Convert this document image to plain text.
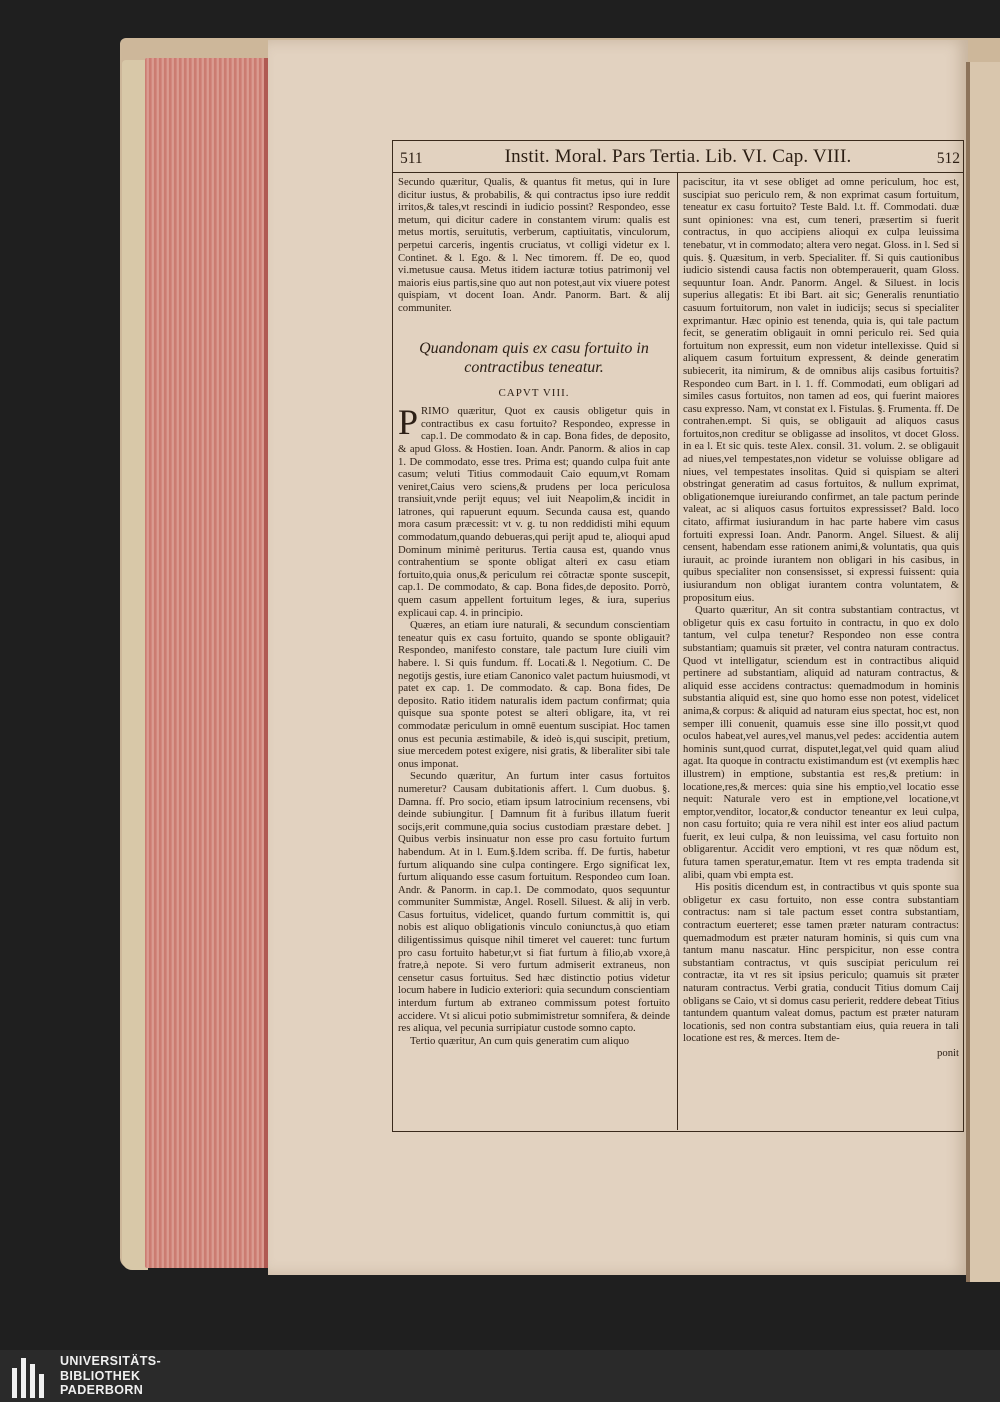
511	Instit. Moral. Pars Tertia. Lib. VI. Cap. VIII.	512

Secundo quæritur, Qualis, & quantus fit metus, qui in Iure dicitur iustus, & probabilis, & qui contractus ipso iure reddit irritos,& tales,vt rescindi in iudicio possint? Respondeo, esse metum, qui dicitur cadere in constantem virum: qualis est metus mortis, seruitutis, verberum, captiuitatis, vinculorum, perpetui carceris, ingentis cruciatus, vt colligi videtur ex l. Continet. & l. Ego. & l. Nec timorem. ff. De eo, quod vi.metusue causa. Metus itidem iacturæ totius patrimonij vel maioris eius partis,sine quo aut non potest,aut vix viuere potest quispiam, vt docent Ioan. Andr. Panorm. Bart. & alij communiter.

Quandonam quis ex casu fortuito in contractibus teneatur.
CAPVT VIII.

PRIMO quæritur, Quot ex causis obligetur quis in contractibus ex casu fortuito? Respondeo, expresse in cap.1. De commodato & in cap. Bona fides, de deposito, & apud Gloss. & Hostien. Ioan. Andr. Panorm. & alios in cap 1. De commodato, esse tres. Prima est; quando culpa fuit ante casum; veluti Titius commodauit Caio equum,vt Romam veniret,Caius vero sciens,& prudens per loca periculosa transiuit,vnde perijt equus; vel iuit Neapolim,& incidit in latrones, qui rapuerunt equum. Secunda causa est, quando mora casum præcessit: vt v. g. tu non reddidisti mihi equum commodatum,quando debueras,qui perijt apud te, alioqui apud Dominum minimè periturus. Tertia causa est, quando vnus contrahentium se sponte obligat alteri ex casu etiam fortuito,quia onus,& periculum rei cõtractæ sponte suscepit, cap.1. De commodato, & cap. Bona fides,de deposito. Porrò, quem casum appellent fortuitum leges, & iura, superius explicaui cap. 4. in principio.

Quæres, an etiam iure naturali, & secundum conscientiam teneatur quis ex casu fortuito, quando se sponte obligauit? Respondeo, manifesto constare, tale pactum Iure ciuili vim habere. l. Si quis fundum. ff. Locati.& l. Negotium. C. De negotijs gestis, iure etiam Canonico valet pactum huiusmodi, vt patet ex cap. 1. De commodato. & cap. Bona fides, De deposito. Ratio itidem naturalis idem pactum confirmat; quia quisque sua sponte potest se alteri obligare, ita, vt rei commodatæ periculum in omnē euentum suscipiat. Hoc tamen onus est pecunia æstimabile, & ideò is,qui suscipit, pretium, siue mercedem potest exigere, nisi gratis, & liberaliter sibi tale onus imponat.

Secundo quæritur, An furtum inter casus fortuitos numeretur? Causam dubitationis affert. l. Cum duobus. §. Damna. ff. Pro socio, etiam ipsum latrocinium recensens, vbi deinde subiungitur. [ Damnum fit à furibus illatum fuerit socijs,erit commune,quia socius custodiam præstare debet. ] Quibus verbis insinuatur non esse pro casu fortuito furtum habendum. At in l. Eum.§.Idem scriba. ff. De furtis, habetur furtum aliquando sine culpa contingere. Ergo significat lex, furtum aliquando esse casum fortuitum. Respondeo cum Ioan. Andr. & Panorm. in cap.1. De commodato, quos sequuntur communiter Summistæ, Angel. Rosell. Siluest. & alij in verb. Casus fortuitus, videlicet, quando furtum committit is, qui nobis est aliquo obligationis vinculo coniunctus,à quo etiam diligentissimus quisque nihil timeret vel caueret: tunc furtum pro casu fortuito habetur,vt si fiat furtum à filio,ab vxore,à fratre,à nepote. Si vero furtum admiserit extraneus, non censetur casus fortuitus. Sed hæc distinctio potius videtur locum habere in Iudicio exteriori: quia secundum conscientiam interdum furtum ab extraneo commissum potest fortuito accidere. Vt si alicui potio submimistretur somnifera, & deinde res aliqua, vel pecunia surripiatur custode somno capto.

Tertio quæritur, An cum quis generatim cum aliquo

paciscitur, ita vt sese obliget ad omne periculum, hoc est, suscipiat suo periculo rem, & non exprimat casum fortuitum, teneatur ex casu fortuito? Teste Bald. l.t. ff. Commodati. duæ sunt opiniones: vna est, cum teneri, præsertim si fuerit contractus, in quo accipiens alioqui ex culpa leuissima tenebatur, vt in commodato; altera vero negat. Gloss. in l. Sed si quis. §. Quæsitum, in verb. Specialiter. ff. Si quis cautionibus iudicio sistendi causa factis non obtemperauerit, quam Gloss. sequuntur Ioan. Andr. Panorm. Angel. & Siluest. in locis superius allegatis: Et ibi Bart. ait sic; Generalis renuntiatio casuum fortuitorum, non valet in iudicijs; secus si specialiter exprimantur. Hæc opinio est tenenda, quia is, qui tale pactum fecit, se generatim obligauit in omni periculo rei. Sed quia fortuitum non expressit, eum non videtur intellexisse. Quid si aliquem casum fortuitum expressent, & deinde generatim subiecerit, ita nimirum, & de omnibus alijs casibus fortuitis? Respondeo cum Bart. in l. 1. ff. Commodati, eum obligari ad similes casus fortuitos, non tamen ad eos, qui fuerint maiores casu expresso. Nam, vt constat ex l. Fistulas. §. Frumenta. ff. De contrahen.empt. Si quis, se obligauit ad aliquos casus fortuitos,non creditur se obligasse ad insolitos, vt docet Gloss. in ea l. Et sic quis. teste Alex. consil. 31. volum. 2. se obligauit ad niues,vel tempestates,non videtur se voluisse obligare ad niues, vel tempestates insolitas. Quid si quispiam se alteri obstringat generatim ad casus fortuitos, & nullum exprimat, obligationemque iureiurando confirmet, an tale pactum perinde valeat, ac si aliquos casus fortuitos expressisset? Bald. loco citato, affirmat iusiurandum in hac parte habere vim casus fortuiti expressi Ioan. Andr. Panorm. Angel. Siluest. & alij censent, habendam esse rationem animi,& voluntatis, qua quis iurauit, ac proinde iurantem non obligari in his casibus, in quibus specialiter non consensisset, si expressi fuissent: quia iusiurandum non obligat iurantem contra voluntatem, & propositum eius.

Quarto quæritur, An sit contra substantiam contractus, vt obligetur quis ex casu fortuito in contractu, in quo ex dolo tantum, vel culpa tenetur? Respondeo non esse contra substantiam; quamuis sit præter, vel contra naturam contractus. Quod vt intelligatur, sciendum est in contractibus aliquid pertinere ad substantiam, aliquid ad naturam contractus, & aliquid esse accidens contractus: quemadmodum in hominis substantia aliquid est, sine quo homo esse non potest, videlicet anima,& corpus: & aliquid ad naturam eius spectat, hoc est, non semper illi conuenit, quamuis esse sine illo possit,vt quod oculos habeat,vel aures,vel manus,vel pedes: accidentia autem hominis sunt,quod currat, disputet,legat,vel quid quam aliud agat. Ita quoque in contractu existimandum est (vt exemplis hæc illustrem) in emptione, substantia est res,& pretium: in locatione,res,& merces: quia sine his emptio,vel locatio esse nequit: Naturale vero est in emptione,vel locatione,vt emptor,venditor, locator,& conductor teneantur ex leui culpa, non casu fortuito; quia re vera nihil est inter eos aliud pactum fuerit, ex leui culpa, & non leuissima, vel casu fortuito non obligarentur. Accidit vero emptioni, vt res quæ nōdum est, futura tamen speratur,ematur. Item vt res empta tradenda sit alibi, quam vbi empta est.

His positis dicendum est, in contractibus vt quis sponte sua obligetur ex casu fortuito, non esse contra substantiam contractus: nam si tale pactum esset contra substantiam, contractum euerteret; esse tamen præter naturam contractus: quemadmodum est præter naturam hominis, si quis cum vna tantum manu nascatur. Hinc perspicitur, non esse contra substantiam contractus, vt quis suscipiat periculum rei contractæ, ita vt res sit ipsius periculo; quamuis sit præter naturam contractus. Verbi gratia, conducit Titius domum Caij obligans se Caio, vt si domus casu perierit, reddere debeat Titius tantundem quantum valeat domus, pactum est præter naturam locationis, sed non contra substantiam eius, quia reuera in tali locatione est res, & merces. Item de-

ponit
UNIVERSITÄTS-
BIBLIOTHEK
PADERBORN
